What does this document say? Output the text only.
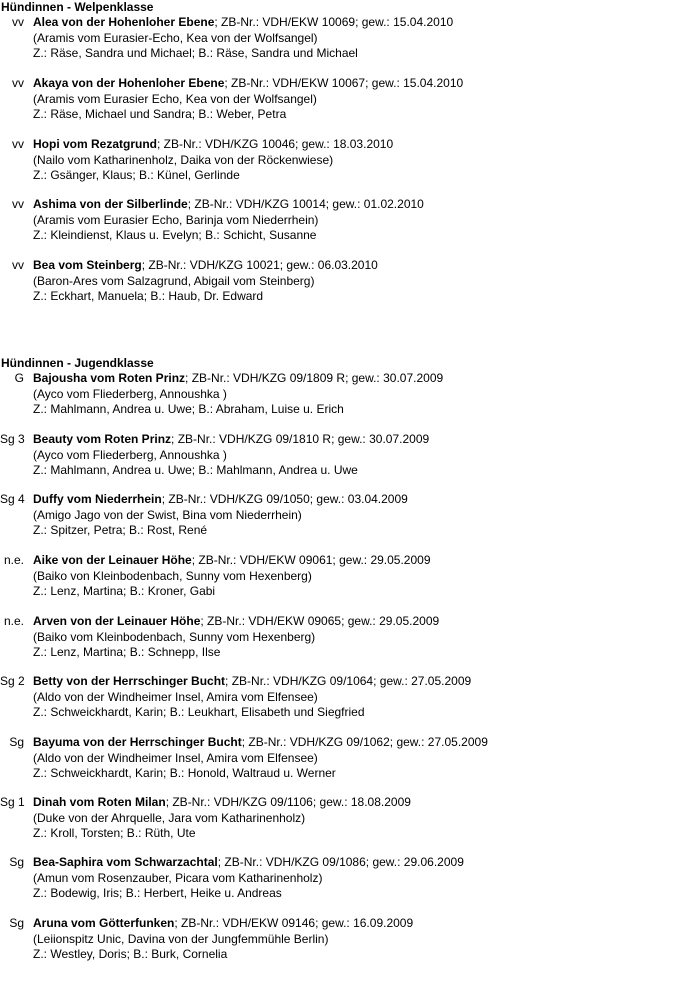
Hündinnen - Welpenklasse
vv Alea von der Hohenloher Ebene; ZB-Nr.: VDH/EKW 10069; gew.: 15.04.2010
(Aramis vom Eurasier-Echo, Kea von der Wolfsangel)
Z.: Räse, Sandra und Michael; B.: Räse, Sandra und Michael
vv Akaya von der Hohenloher Ebene; ZB-Nr.: VDH/EKW 10067; gew.: 15.04.2010
(Aramis vom Eurasier Echo, Kea von der Wolfsangel)
Z.: Räse, Michael und Sandra; B.: Weber, Petra
vv Hopi vom Rezatgrund; ZB-Nr.: VDH/KZG 10046; gew.: 18.03.2010
(Nailo vom Katharinenholz, Daika von der Röckenwiese)
Z.: Gsänger, Klaus; B.: Künel, Gerlinde
vv Ashima von der Silberlinde; ZB-Nr.: VDH/KZG 10014; gew.: 01.02.2010
(Aramis vom Eurasier Echo, Barinja vom Niederrhein)
Z.: Kleindienst, Klaus u. Evelyn; B.: Schicht, Susanne
vv Bea vom Steinberg; ZB-Nr.: VDH/KZG 10021; gew.: 06.03.2010
(Baron-Ares vom Salzagrund, Abigail vom Steinberg)
Z.: Eckhart, Manuela; B.: Haub, Dr. Edward
Hündinnen - Jugendklasse
G Bajousha vom Roten Prinz; ZB-Nr.: VDH/KZG 09/1809 R; gew.: 30.07.2009
(Ayco vom Fliederberg, Annoushka )
Z.: Mahlmann, Andrea u. Uwe; B.: Abraham, Luise u. Erich
Sg 3 Beauty vom Roten Prinz; ZB-Nr.: VDH/KZG 09/1810 R; gew.: 30.07.2009
(Ayco vom Fliederberg, Annoushka )
Z.: Mahlmann, Andrea u. Uwe; B.: Mahlmann, Andrea u. Uwe
Sg 4 Duffy vom Niederrhein; ZB-Nr.: VDH/KZG 09/1050; gew.: 03.04.2009
(Amigo Jago von der Swist, Bina vom Niederrhein)
Z.: Spitzer, Petra; B.: Rost, René
n.e. Aike von der Leinauer Höhe; ZB-Nr.: VDH/EKW 09061; gew.: 29.05.2009
(Baiko von Kleinbodenbach, Sunny vom Hexenberg)
Z.: Lenz, Martina; B.: Kroner, Gabi
n.e. Arven von der Leinauer Höhe; ZB-Nr.: VDH/EKW 09065; gew.: 29.05.2009
(Baiko vom Kleinbodenbach, Sunny vom Hexenberg)
Z.: Lenz, Martina; B.: Schnepp, Ilse
Sg 2 Betty von der Herrschinger Bucht; ZB-Nr.: VDH/KZG 09/1064; gew.: 27.05.2009
(Aldo von der Windheimer Insel, Amira vom Elfensee)
Z.: Schweickhardt, Karin; B.: Leukhart, Elisabeth und Siegfried
Sg Bayuma von der Herrschinger Bucht; ZB-Nr.: VDH/KZG 09/1062; gew.: 27.05.2009
(Aldo von der Windheimer Insel, Amira vom Elfensee)
Z.: Schweickhardt, Karin; B.: Honold, Waltraud u. Werner
Sg 1 Dinah vom Roten Milan; ZB-Nr.: VDH/KZG 09/1106; gew.: 18.08.2009
(Duke von der Ahrquelle, Jara vom Katharinenholz)
Z.: Kroll, Torsten; B.: Rüth, Ute
Sg Bea-Saphira vom Schwarzachtal; ZB-Nr.: VDH/KZG 09/1086; gew.: 29.06.2009
(Amun vom Rosenzauber, Picara vom Katharinenholz)
Z.: Bodewig, Iris; B.: Herbert, Heike u. Andreas
Sg Aruna vom Götterfunken; ZB-Nr.: VDH/EKW 09146; gew.: 16.09.2009
(Leiionspitz Unic, Davina von der Jungfemmühle Berlin)
Z.: Westley, Doris; B.: Burk, Cornelia
